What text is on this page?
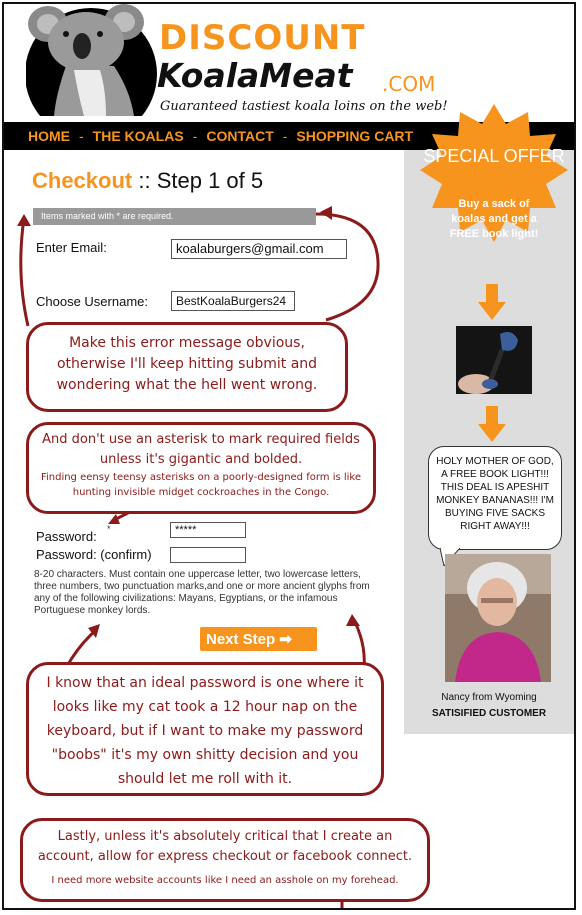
DISCOUNT
KoalaMeat .COM
Guaranteed tastiest koala loins on the web!
HOME - THE KOALAS - CONTACT - SHOPPING CART
SPECIAL OFFER
Buy a sack of koalas and get a FREE book light!
HOLY MOTHER OF GOD, A FREE BOOK LIGHT!!! THIS DEAL IS APESHIT MONKEY BANANAS!!! I'M BUYING FIVE SACKS RIGHT AWAY!!!
Nancy from Wyoming
SATISIFIED CUSTOMER
Checkout :: Step 1 of 5
Items marked with * are required.
Enter Email:	koalaburgers@gmail.com
Choose Username:	BestKoalaBurgers24
Password: *	*****
Password: (confirm)
8-20 characters. Must contain one uppercase letter, two lowercase letters, three numbers, two punctuation marks,and one or more ancient glyphs from any of the following civilizations: Mayans, Egyptians, or the infamous Portuguese monkey lords.
Next Step ➡
Make this error message obvious, otherwise I'll keep hitting submit and wondering what the hell went wrong.
And don't use an asterisk to mark required fields unless it's gigantic and bolded.
Finding eensy teensy asterisks on a poorly-designed form is like hunting invisible midget cockroaches in the Congo.
I know that an ideal password is one where it looks like my cat took a 12 hour nap on the keyboard, but if I want to make my password "boobs" it's my own shitty decision and you should let me roll with it.
Lastly, unless it's absolutely critical that I create an account, allow for express checkout or facebook connect.
I need more website accounts like I need an asshole on my forehead.
